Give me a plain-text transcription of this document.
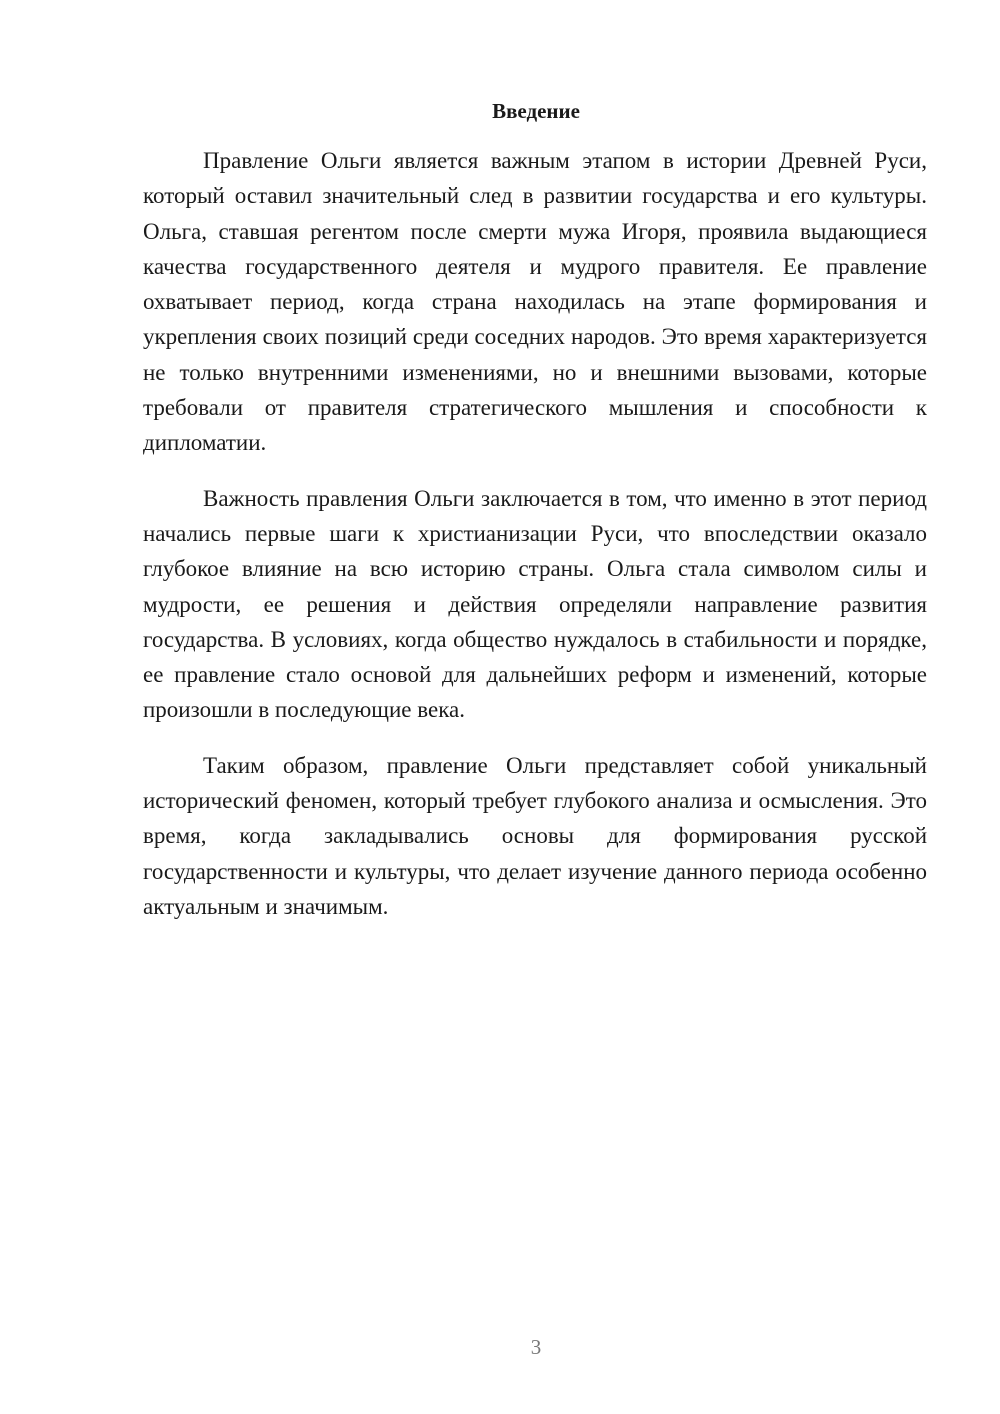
Введение

Правление Ольги является важным этапом в истории Древней Руси, который оставил значительный след в развитии государства и его культуры. Ольга, ставшая регентом после смерти мужа Игоря, проявила выдающиеся качества государственного деятеля и мудрого правителя. Ее правление охватывает период, когда страна находилась на этапе формирования и укрепления своих позиций среди соседних народов. Это время характеризуется не только внутренними изменениями, но и внешними вызовами, которые требовали от правителя стратегического мышления и способности к дипломатии.

Важность правления Ольги заключается в том, что именно в этот период начались первые шаги к христианизации Руси, что впоследствии оказало глубокое влияние на всю историю страны. Ольга стала символом силы и мудрости, ее решения и действия определяли направление развития государства. В условиях, когда общество нуждалось в стабильности и порядке, ее правление стало основой для дальнейших реформ и изменений, которые произошли в последующие века.

Таким образом, правление Ольги представляет собой уникальный исторический феномен, который требует глубокого анализа и осмысления. Это время, когда закладывались основы для формирования русской государственности и культуры, что делает изучение данного периода особенно актуальным и значимым.

3
